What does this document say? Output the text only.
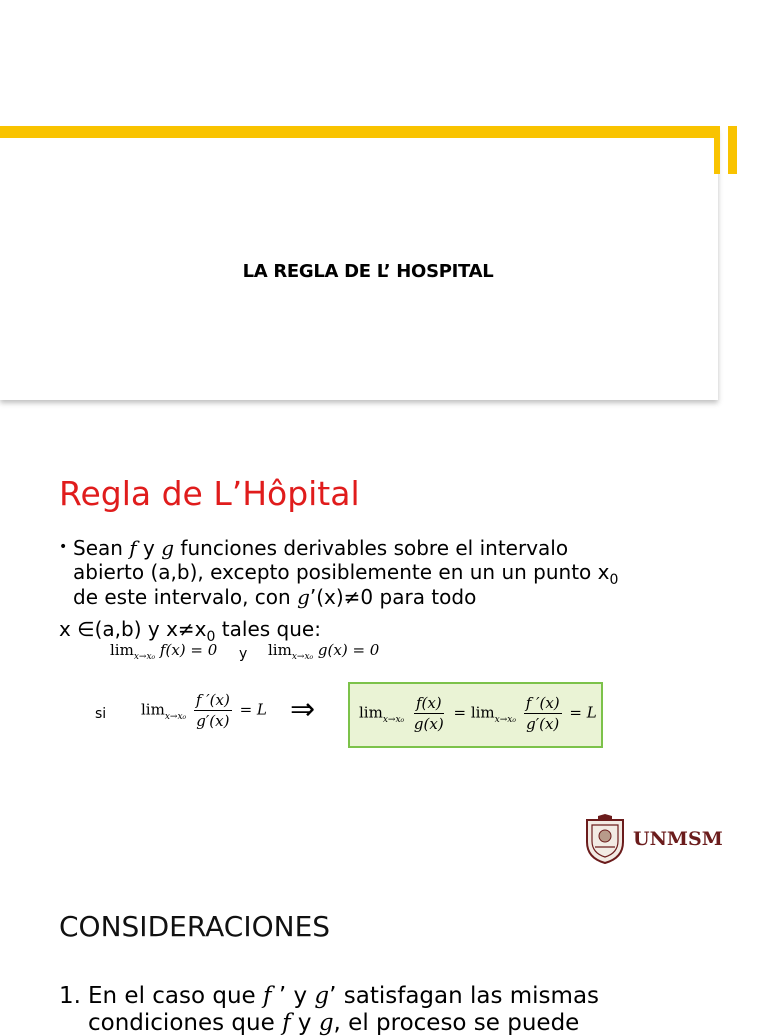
LA REGLA DE L’ HOSPITAL
Regla de L’Hôpital
• Sean f y g funciones derivables sobre el intervalo
abierto (a,b), excepto posiblemente en un un punto $x_0$
de este intervalo, con g’(x)≠0 para todo
x ∈(a,b) y $x\ne x_0$ tales que:
$\lim_{x\to x_0} f(x) = 0$ y $\lim_{x\to x_0} g(x) = 0$
si $\lim_{x\to x_0} \frac{f '(x)}{g'(x)} = L$ ⇒	$\lim_{x\to x_0} \frac{f(x)}{g(x)} = \lim_{x\to x_0} \frac{f '(x)}{g'(x)} = L$
UNMSM
CONSIDERACIONES
1. En el caso que f ’ y g’ satisfagan las mismas
condiciones que f y g, el proceso se puede
